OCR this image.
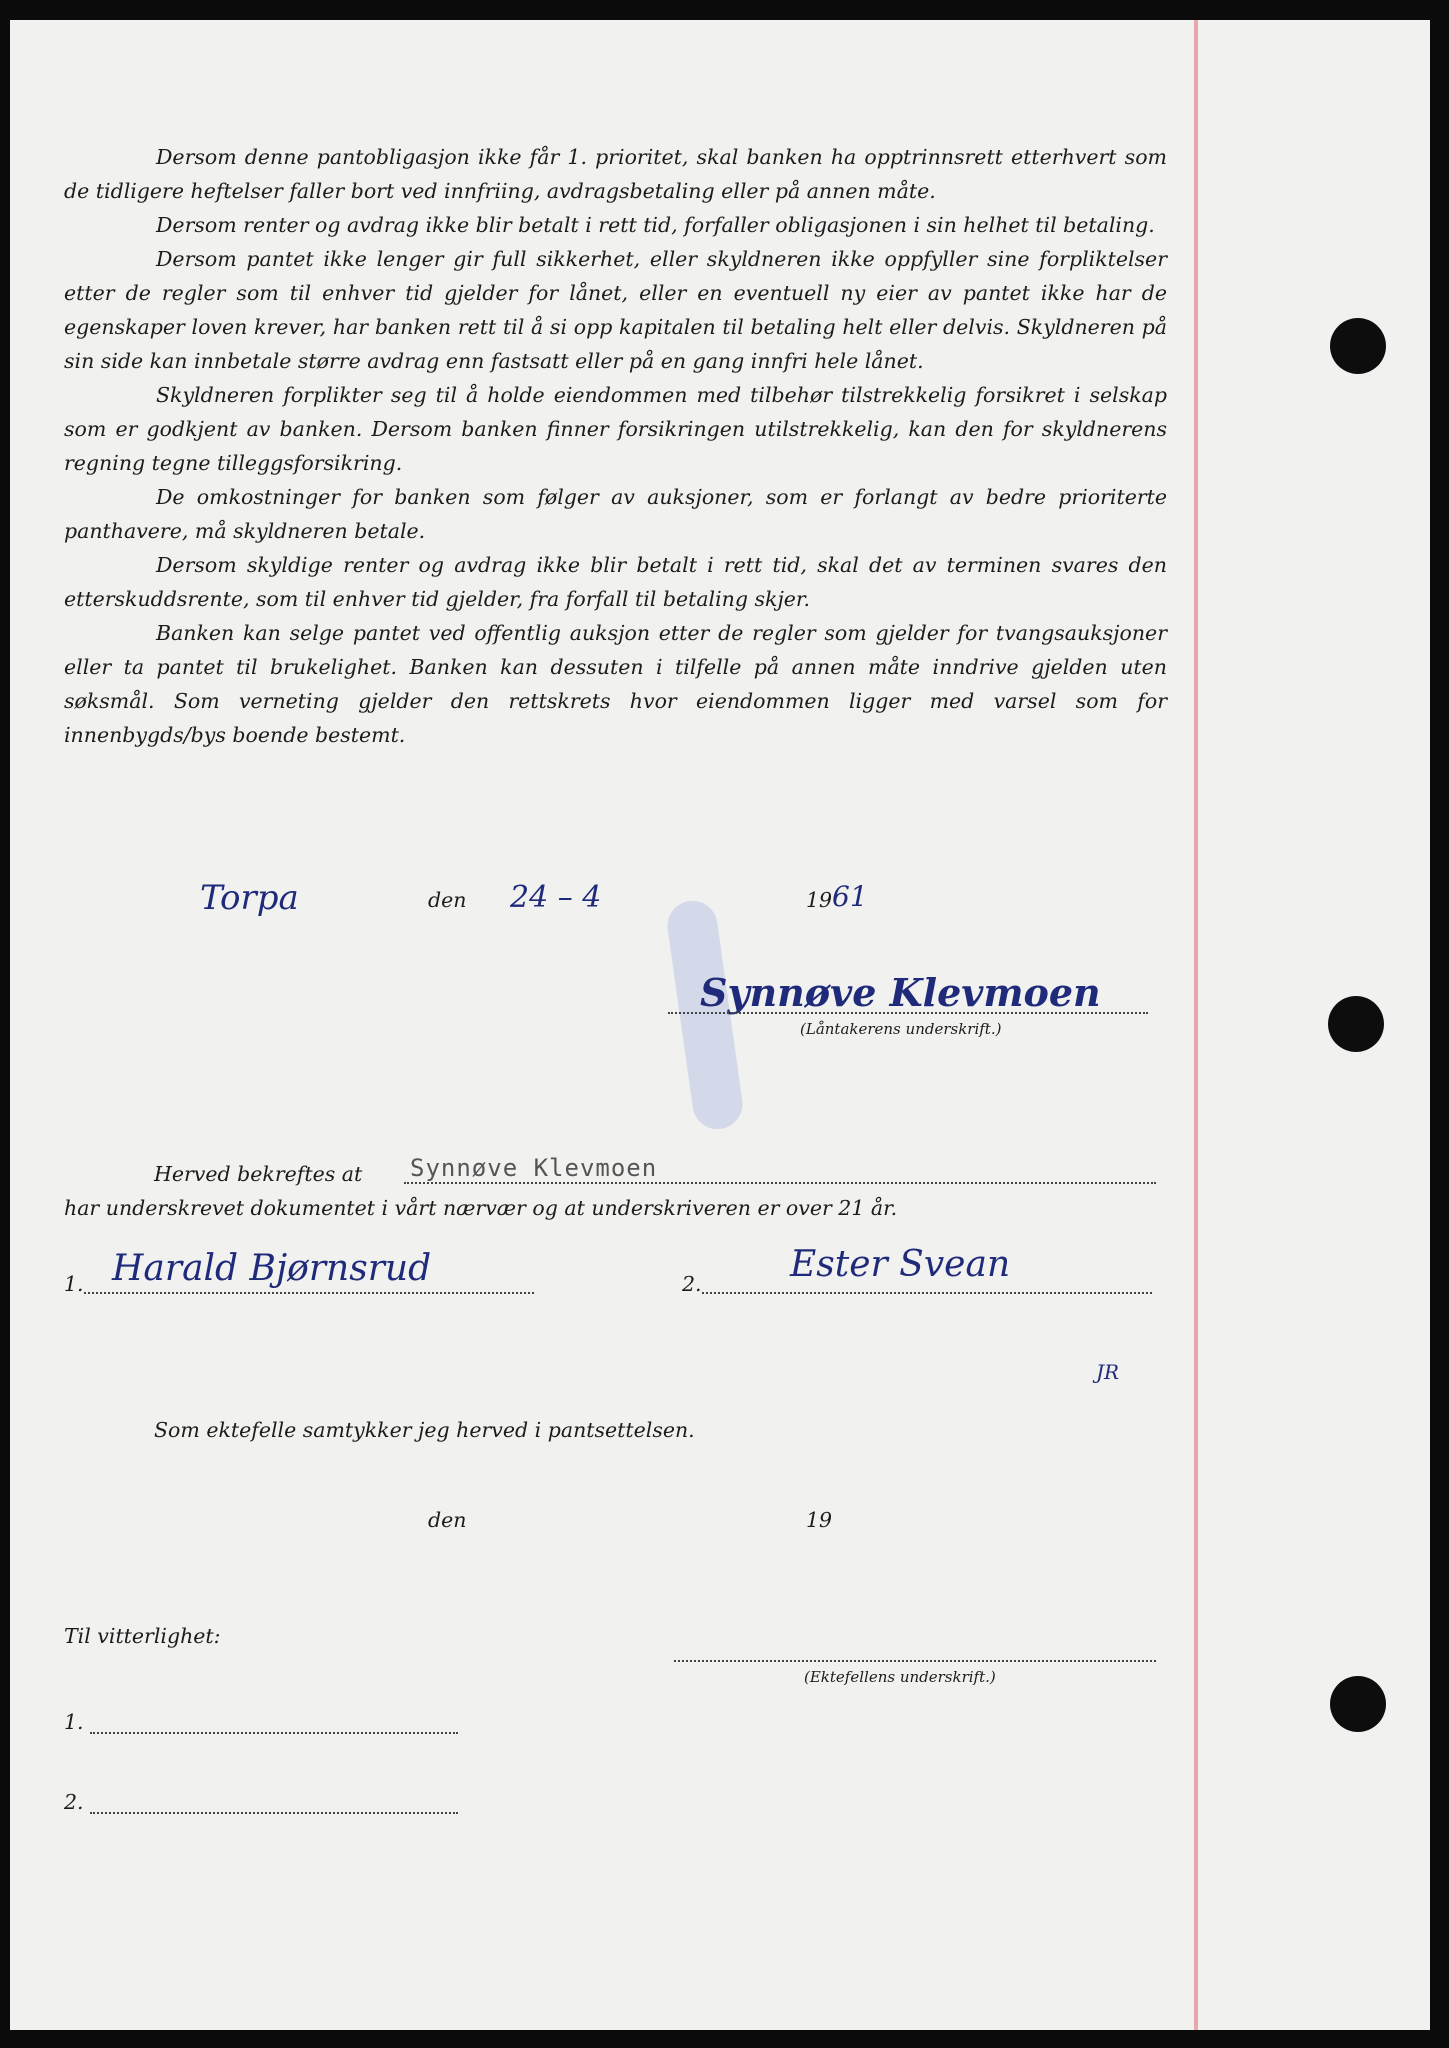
Dersom denne pantobligasjon ikke får 1. prioritet, skal banken ha opptrinnsrett etterhvert som de tidligere heftelser faller bort ved innfriing, avdragsbetaling eller på annen måte.

Dersom renter og avdrag ikke blir betalt i rett tid, forfaller obligasjonen i sin helhet til betaling.

Dersom pantet ikke lenger gir full sikkerhet, eller skyldneren ikke oppfyller sine forpliktelser etter de regler som til enhver tid gjelder for lånet, eller en eventuell ny eier av pantet ikke har de egenskaper loven krever, har banken rett til å si opp kapitalen til betaling helt eller delvis. Skyldneren på sin side kan innbetale større avdrag enn fastsatt eller på en gang innfri hele lånet.

Skyldneren forplikter seg til å holde eiendommen med tilbehør tilstrekkelig forsikret i selskap som er godkjent av banken. Dersom banken finner forsikringen utilstrekkelig, kan den for skyldnerens regning tegne tilleggsforsikring.

De omkostninger for banken som følger av auksjoner, som er forlangt av bedre prioriterte panthavere, må skyldneren betale.

Dersom skyldige renter og avdrag ikke blir betalt i rett tid, skal det av terminen svares den etterskuddsrente, som til enhver tid gjelder, fra forfall til betaling skjer.

Banken kan selge pantet ved offentlig auksjon etter de regler som gjelder for tvangsauksjoner eller ta pantet til brukelighet. Banken kan dessuten i tilfelle på annen måte inndrive gjelden uten søksmål. Som verneting gjelder den rettskrets hvor eiendommen ligger med varsel som for innenbygds/bys boende bestemt.

Torpa	den 24 – 4	19 61
Synnøve Klevmoen
(Låntakerens underskrift.)
Herved bekreftes at Synnøve Klevmoen
har underskrevet dokumentet i vårt nærvær og at underskriveren er over 21 år.
1. Harald Bjørnsrud	2. Ester Svean
JR
Som ektefelle samtykker jeg herved i pantsettelsen.
den	19
Til vitterlighet:
(Ektefellens underskrift.)
1.
2.
